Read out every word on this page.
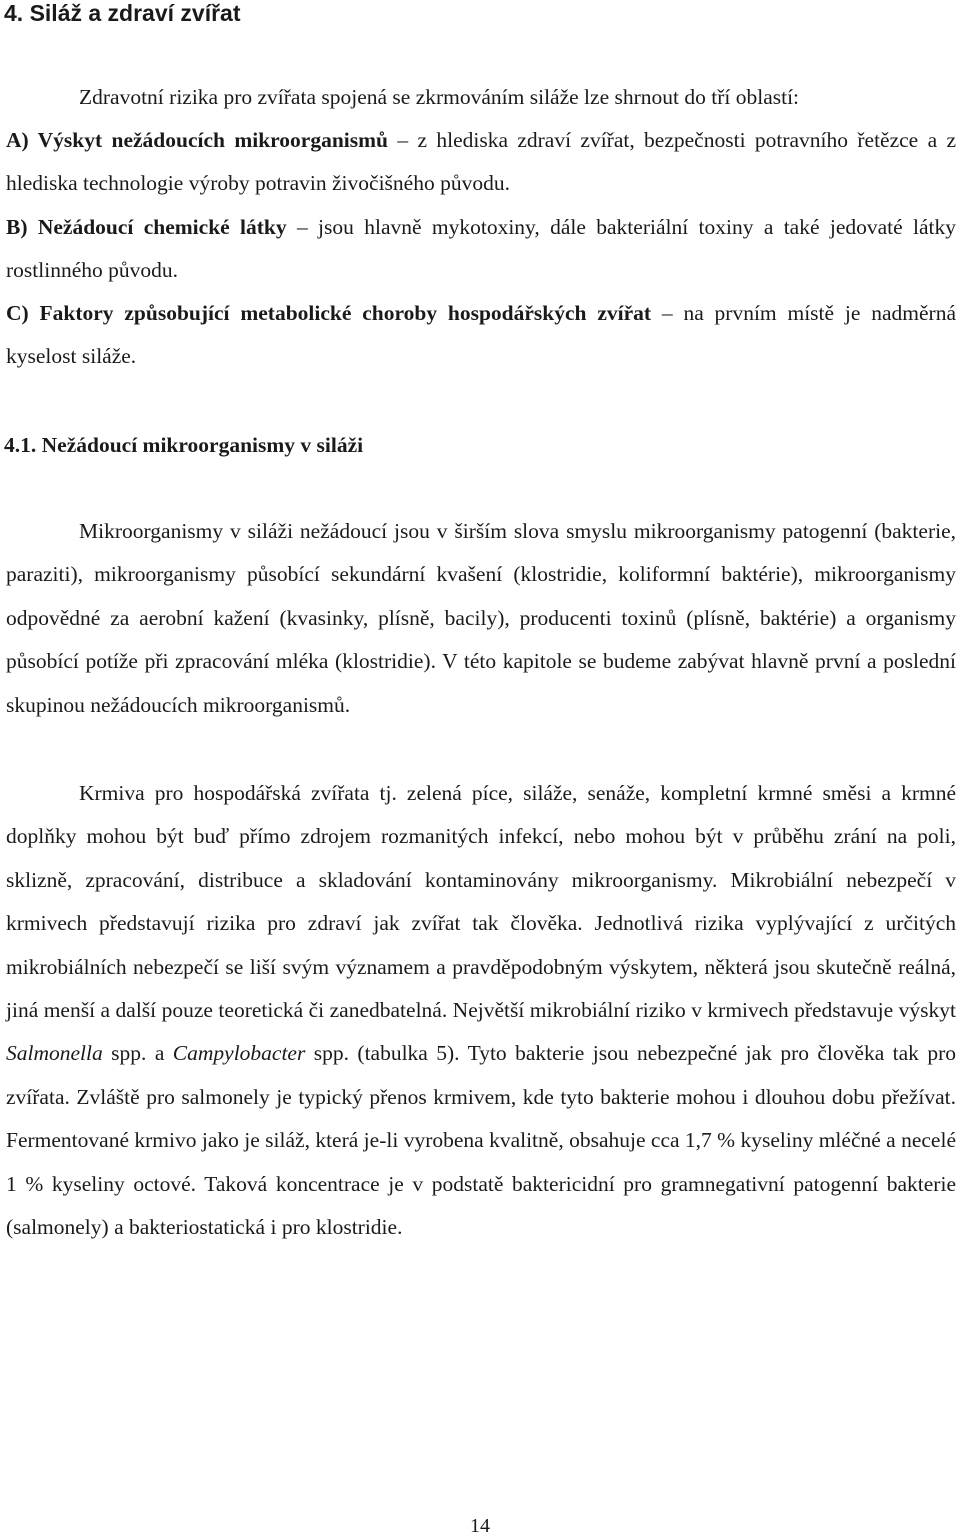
4. Siláž a zdraví zvířat

Zdravotní rizika pro zvířata spojená se zkrmováním siláže lze shrnout do tří oblastí:

A) Výskyt nežádoucích mikroorganismů – z hlediska zdraví zvířat, bezpečnosti potravního řetězce a z hlediska technologie výroby potravin živočišného původu.

B) Nežádoucí chemické látky – jsou hlavně mykotoxiny, dále bakteriální toxiny a také jedovaté látky rostlinného původu.

C) Faktory způsobující metabolické choroby hospodářských zvířat – na prvním místě je nadměrná kyselost siláže.

4.1. Nežádoucí mikroorganismy v siláži

Mikroorganismy v siláži nežádoucí jsou v širším slova smyslu mikroorganismy patogenní (bakterie, paraziti), mikroorganismy působící sekundární kvašení (klostridie, koliformní baktérie), mikroorganismy odpovědné za aerobní kažení (kvasinky, plísně, bacily), producenti toxinů (plísně, baktérie) a organismy působící potíže při zpracování mléka (klostridie). V této kapitole se budeme zabývat hlavně první a poslední skupinou nežádoucích mikroorganismů.

Krmiva pro hospodářská zvířata tj. zelená píce, siláže, senáže, kompletní krmné směsi a krmné doplňky mohou být buď přímo zdrojem rozmanitých infekcí, nebo mohou být v průběhu zrání na poli, sklizně, zpracování, distribuce a skladování kontaminovány mikroorganismy. Mikrobiální nebezpečí v krmivech představují rizika pro zdraví jak zvířat tak člověka. Jednotlivá rizika vyplývající z určitých mikrobiálních nebezpečí se liší svým významem a pravděpodobným výskytem, některá jsou skutečně reálná, jiná menší a další pouze teoretická či zanedbatelná. Největší mikrobiální riziko v krmivech představuje výskyt Salmonella spp. a Campylobacter spp. (tabulka 5). Tyto bakterie jsou nebezpečné jak pro člověka tak pro zvířata. Zvláště pro salmonely je typický přenos krmivem, kde tyto bakterie mohou i dlouhou dobu přežívat. Fermentované krmivo jako je siláž, která je-li vyrobena kvalitně, obsahuje cca 1,7 % kyseliny mléčné a necelé 1 % kyseliny octové. Taková koncentrace je v podstatě baktericidní pro gramnegativní patogenní bakterie (salmonely) a bakteriostatická i pro klostridie.

14
